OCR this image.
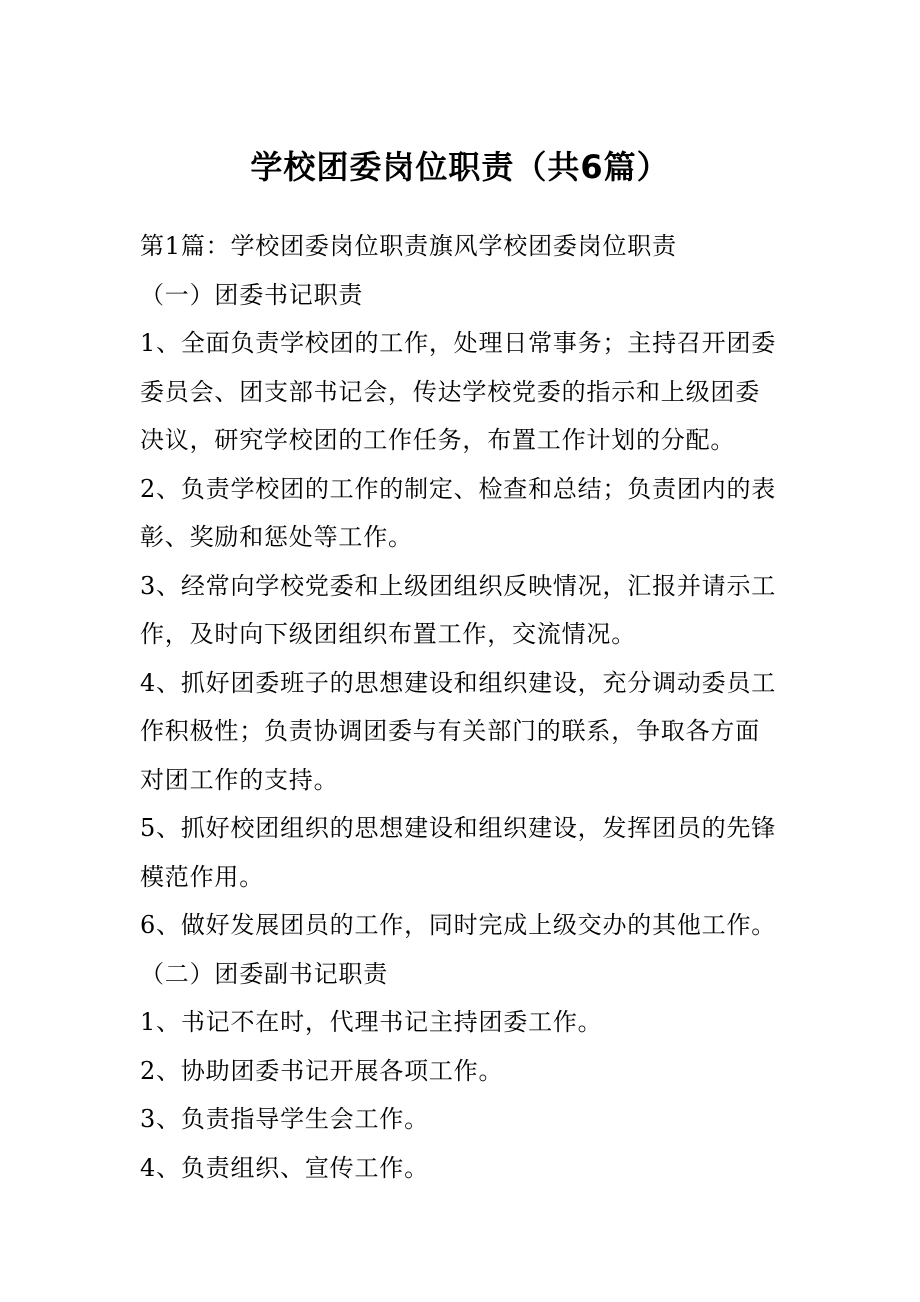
学校团委岗位职责（共6篇）

第1篇：学校团委岗位职责旗风学校团委岗位职责

（一）团委书记职责

1、全面负责学校团的工作，处理日常事务；主持召开团委委员会、团支部书记会，传达学校党委的指示和上级团委决议，研究学校团的工作任务，布置工作计划的分配。

2、负责学校团的工作的制定、检查和总结；负责团内的表彰、奖励和惩处等工作。

3、经常向学校党委和上级团组织反映情况，汇报并请示工作，及时向下级团组织布置工作，交流情况。

4、抓好团委班子的思想建设和组织建设，充分调动委员工作积极性；负责协调团委与有关部门的联系，争取各方面对团工作的支持。

5、抓好校团组织的思想建设和组织建设，发挥团员的先锋模范作用。

6、做好发展团员的工作，同时完成上级交办的其他工作。

（二）团委副书记职责

1、书记不在时，代理书记主持团委工作。

2、协助团委书记开展各项工作。

3、负责指导学生会工作。

4、负责组织、宣传工作。
